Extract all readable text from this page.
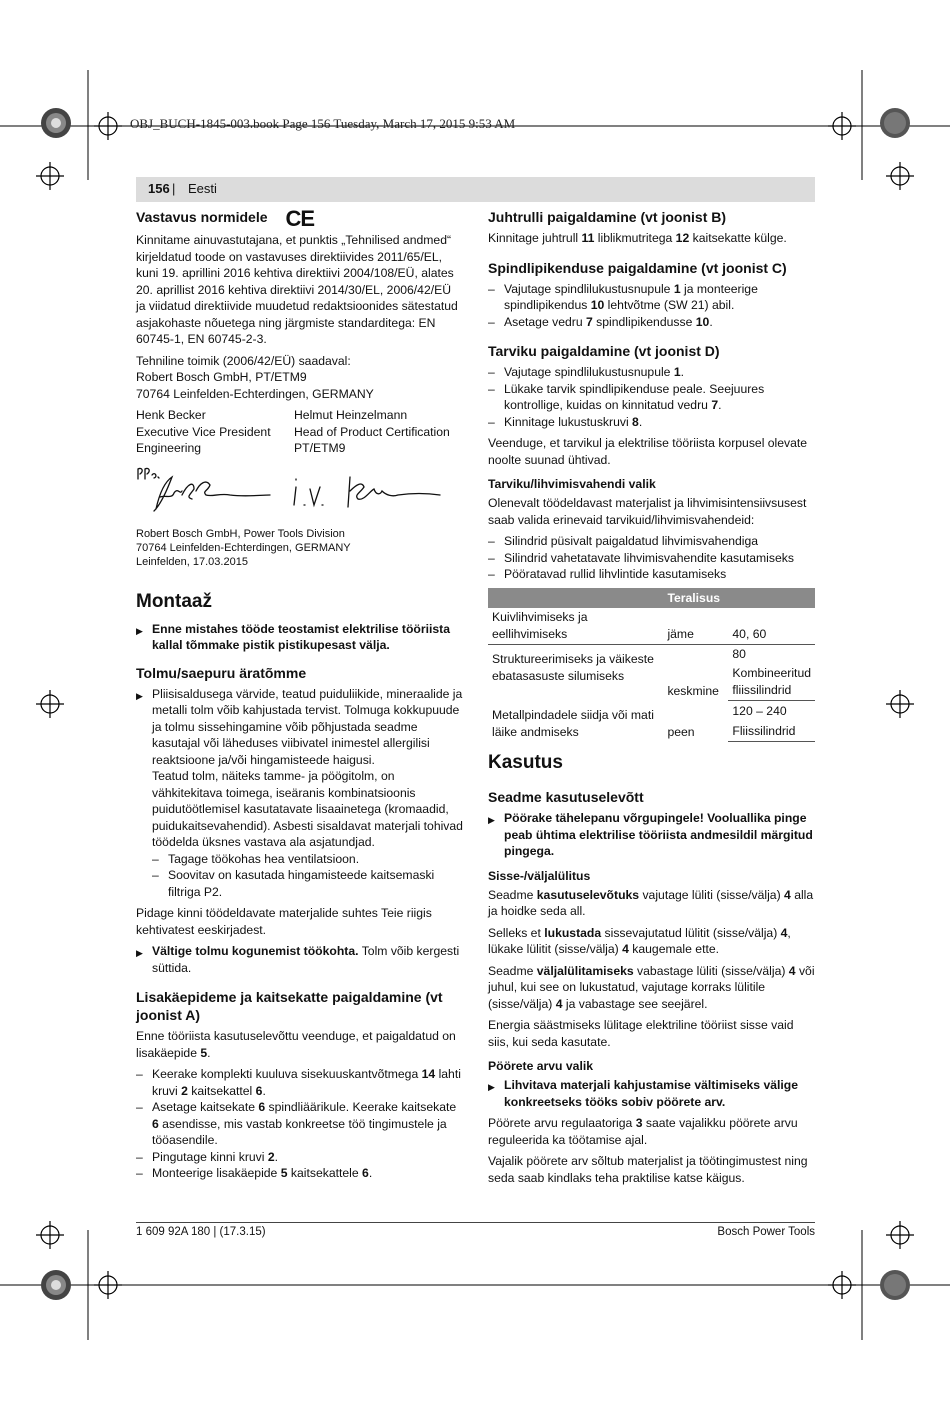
OBJ_BUCH-1845-003.book Page 156 Tuesday, March 17, 2015 9:53 AM
156 | Eesti
Vastavus normidele CE

Kinnitame ainuvastutajana, et punktis „Tehnilised andmed“ kirjeldatud toode on vastavuses direktiivides 2011/65/EL, kuni 19. aprillini 2016 kehtiva direktiivi 2004/108/EÜ, alates 20. aprillist 2016 kehtiva direktiivi 2014/30/EL, 2006/42/EÜ ja viidatud direktiivide muudetud redaktsioonides sätestatud asjakohaste nõuetega ning järgmiste standarditega: EN 60745-1, EN 60745-2-3.

Tehniline toimik (2006/42/EÜ) saadaval:
Robert Bosch GmbH, PT/ETM9
70764 Leinfelden-Echterdingen, GERMANY
Henk Becker
Executive Vice President
Engineering
Helmut Heinzelmann
Head of Product Certification
PT/ETM9
Robert Bosch GmbH, Power Tools Division
70764 Leinfelden-Echterdingen, GERMANY
Leinfelden, 17.03.2015
Montaaž

▶ Enne mistahes tööde teostamist elektrilise tööriista kallal tõmmake pistik pistikupesast välja.

Tolmu/saepuru äratõmme
▶ Pliisisaldusega värvide, teatud puiduliikide, mineraalide ja metalli tolm võib kahjustada tervist. Tolmuga kokkupuude ja tolmu sissehingamine võib põhjustada seadme kasutajal või läheduses viibivatel inimestel allergilisi reaktsioone ja/või hingamisteede haigusi.
Teatud tolm, näiteks tamme- ja pöögitolm, on vähkitekitava toimega, iseäranis kombinatsioonis puidutöötlemisel kasutatavate lisaainetega (kromaadid, puidukaitsevahendid). Asbesti sisaldavat materjali tohivad töödelda üksnes vastava ala asjatundjad.
– Tagage töökohas hea ventilatsioon.
– Soovitav on kasutada hingamisteede kaitsemaski filtriga P2.

Pidage kinni töödeldavate materjalide suhtes Teie riigis kehtivatest eeskirjadest.

▶ Vältige tolmu kogunemist töökohta. Tolm võib kergesti süttida.

Lisakäepideme ja kaitsekatte paigaldamine (vt joonist A)

Enne tööriista kasutuselevõttu veenduge, et paigaldatud on lisakäepide 5.

– Keerake komplekti kuuluva sisekuuskantvõtmega 14 lahti kruvi 2 kaitsekattel 6.
– Asetage kaitsekate 6 spindliäärikule. Keerake kaitsekate 6 asendisse, mis vastab konkreetse töö tingimustele ja tööasendile.
– Pingutage kinni kruvi 2.
– Monteerige lisakäepide 5 kaitsekattele 6.
Juhtrulli paigaldamine (vt joonist B)

Kinnitage juhtrull 11 liblikmutritega 12 kaitsekatte külge.

Spindlipikenduse paigaldamine (vt joonist C)
– Vajutage spindlilukustusnupule 1 ja monteerige spindlipikendus 10 lehtvõtme (SW 21) abil.
– Asetage vedru 7 spindlipikendusse 10.
Tarviku paigaldamine (vt joonist D)
– Vajutage spindlilukustusnupule 1.
– Lükake tarvik spindlipikenduse peale. Seejuures kontrollige, kuidas on kinnitatud vedru 7.
– Kinnitage lukustuskruvi 8.

Veenduge, et tarvikul ja elektrilise tööriista korpusel olevate noolte suunad ühtivad.

Tarviku/lihvimisvahendi valik

Olenevalt töödeldavast materjalist ja lihvimisintensiivsusest saab valida erinevaid tarvikuid/lihvimisvahendeid:

– Silindrid püsivalt paigaldatud lihvimisvahendiga
– Silindrid vahetatavate lihvimisvahendite kasutamiseks
– Pööratavad rullid lihvlintide kasutamiseks
	Teralisus	
Kuivlihvimiseks ja eellihvimiseks	jäme	40, 60
Struktureerimiseks ja väikeste ebatasasuste silumiseks	keskmine	80
		Kombineeritud fliissilindrid
Metallpindadele siidja või mati läike andmiseks	peen	120 – 240
		Fliissilindrid
Kasutus
Seadme kasutuselevõtt

▶ Pöörake tähelepanu võrgupingele! Vooluallika pinge peab ühtima elektrilise tööriista andmesildil märgitud pingega.

Sisse-/väljalülitus

Seadme kasutuselevõtuks vajutage lüliti (sisse/välja) 4 alla ja hoidke seda all.

Selleks et lukustada sissevajutatud lülitit (sisse/välja) 4, lükake lülitit (sisse/välja) 4 kaugemale ette.

Seadme väljalülitamiseks vabastage lüliti (sisse/välja) 4 või juhul, kui see on lukustatud, vajutage korraks lülitile (sisse/välja) 4 ja vabastage see seejärel.

Energia säästmiseks lülitage elektriline tööriist sisse vaid siis, kui seda kasutate.

Pöörete arvu valik

▶ Lihvitava materjali kahjustamise vältimiseks välige konkreetseks tööks sobiv pöörete arv.

Pöörete arvu regulaatoriga 3 saate vajalikku pöörete arvu reguleerida ka töötamise ajal.

Vajalik pöörete arv sõltub materjalist ja töötingimustest ning seda saab kindlaks teha praktilise katse käigus.

1 609 92A 180 | (17.3.15)	Bosch Power Tools
